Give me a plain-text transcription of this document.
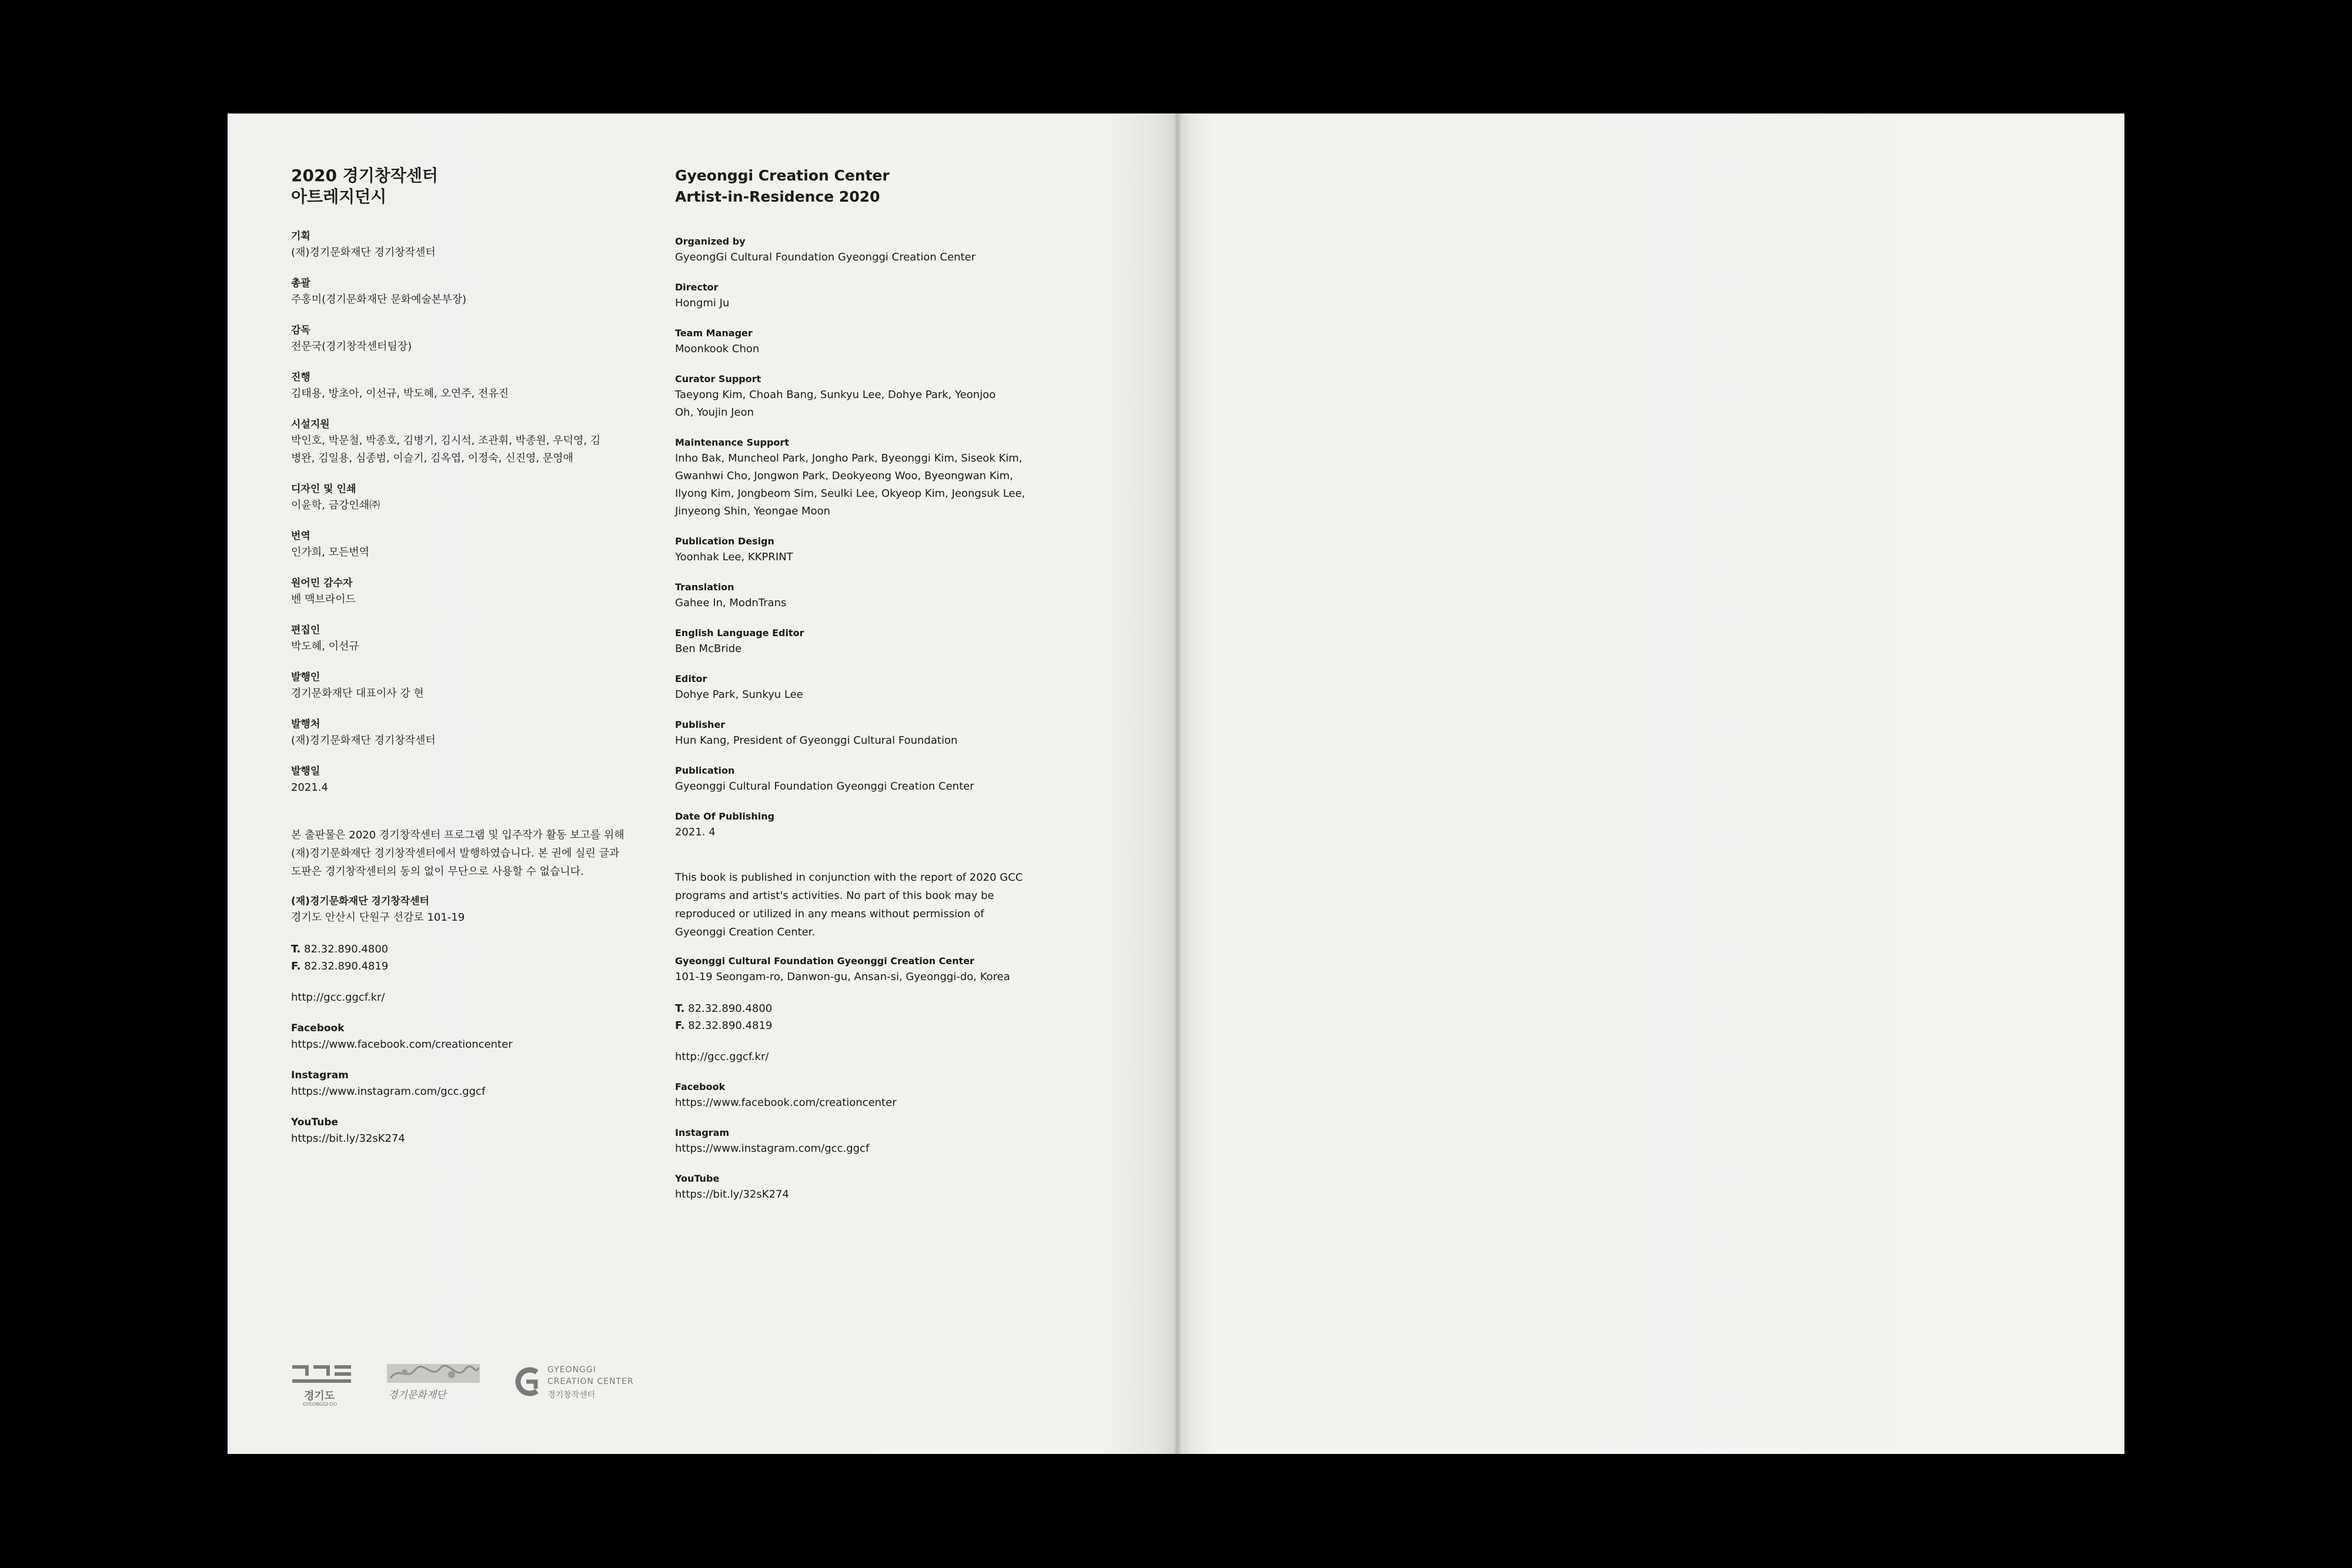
2020 경기창작센터
아트레지던시
기획
(재)경기문화재단 경기창작센터
총괄
주홍미(경기문화재단 문화예술본부장)
감독
전문국(경기창작센터팀장)
진행
김태용, 방초아, 이선규, 박도혜, 오연주, 전유진
시설지원
박인호, 박문철, 박종호, 김병기, 김시석, 조관휘, 박종원, 우덕영, 김병완, 김일용, 심종범, 이슬기, 김옥엽, 이정숙, 신진영, 문영애
디자인 및 인쇄
이윤학, 금강인쇄㈜
번역
인가희, 모든번역
원어민 감수자
벤 맥브라이드
편집인
박도혜, 이선규
발행인
경기문화재단 대표이사 강 현
발행처
(재)경기문화재단 경기창작센터
발행일
2021.4
본 출판물은 2020 경기창작센터 프로그램 및 입주작가 활동 보고를 위해 (재)경기문화재단 경기창작센터에서 발행하였습니다. 본 권에 실린 글과 도판은 경기창작센터의 동의 없이 무단으로 사용할 수 없습니다.
(재)경기문화재단 경기창작센터
경기도 안산시 단원구 선감로 101-19
T. 82.32.890.4800
F. 82.32.890.4819
http://gcc.ggcf.kr/
Facebook
https://www.facebook.com/creationcenter
Instagram
https://www.instagram.com/gcc.ggcf
YouTube
https://bit.ly/32sK274
Gyeonggi Creation Center
Artist-in-Residence 2020
Organized by
GyeongGi Cultural Foundation Gyeonggi Creation Center
Director
Hongmi Ju
Team Manager
Moonkook Chon
Curator Support
Taeyong Kim, Choah Bang, Sunkyu Lee, Dohye Park, Yeonjoo Oh, Youjin Jeon
Maintenance Support
Inho Bak, Muncheol Park, Jongho Park, Byeonggi Kim, Siseok Kim, Gwanhwi Cho, Jongwon Park, Deokyeong Woo, Byeongwan Kim, Ilyong Kim, Jongbeom Sim, Seulki Lee, Okyeop Kim, Jeongsuk Lee, Jinyeong Shin, Yeongae Moon
Publication Design
Yoonhak Lee, KKPRINT
Translation
Gahee In, ModnTrans
English Language Editor
Ben McBride
Editor
Dohye Park, Sunkyu Lee
Publisher
Hun Kang, President of Gyeonggi Cultural Foundation
Publication
Gyeonggi Cultural Foundation Gyeonggi Creation Center
Date Of Publishing
2021. 4
This book is published in conjunction with the report of 2020 GCC programs and artist's activities. No part of this book may be reproduced or utilized in any means without permission of Gyeonggi Creation Center.
Gyeonggi Cultural Foundation Gyeonggi Creation Center
101-19 Seongam-ro, Danwon-gu, Ansan-si, Gyeonggi-do, Korea
T. 82.32.890.4800
F. 82.32.890.4819
http://gcc.ggcf.kr/
Facebook
https://www.facebook.com/creationcenter
Instagram
https://www.instagram.com/gcc.ggcf
YouTube
https://bit.ly/32sK274
경기도
GYEONGGI-DO
경기문화재단
GYEONGGI
CREATION CENTER
경기창작센터
